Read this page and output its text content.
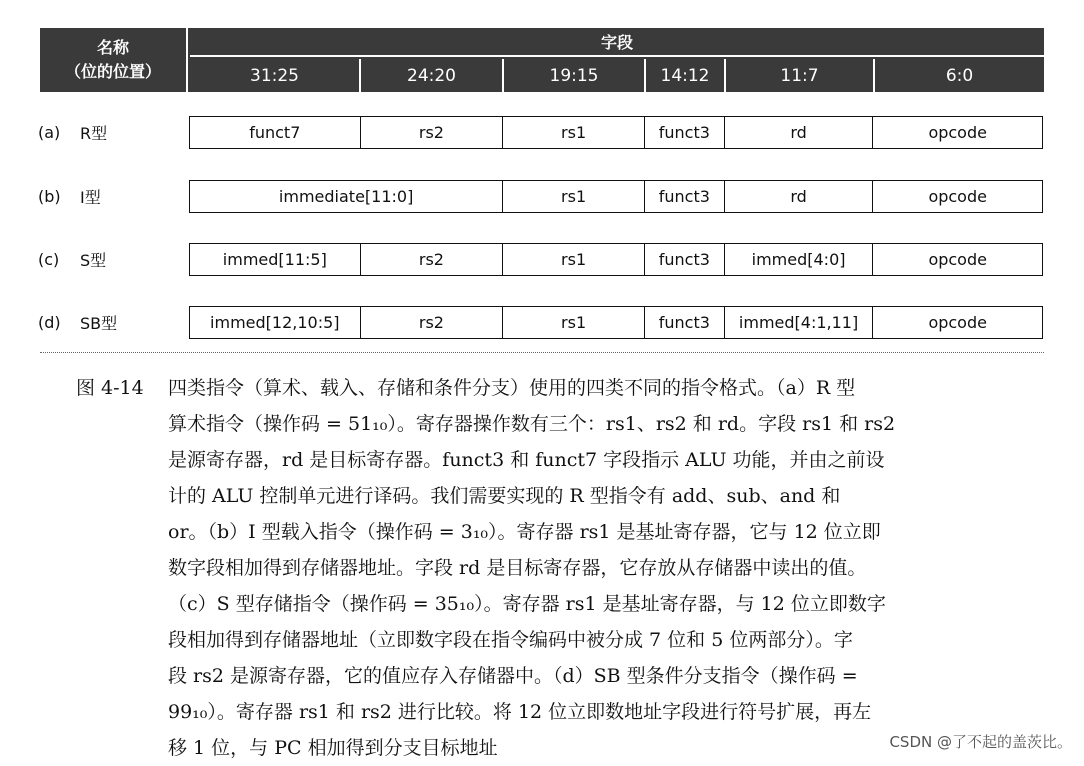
名称
（位的位置）
字段
31:25	24:20	19:15	14:12	11:7	6:0
(a)	R型	funct7	rs2	rs1	funct3	rd	opcode
(b)	I型	immediate[11:0]	rs1	funct3	rd	opcode
(c)	S型	immed[11:5]	rs2	rs1	funct3	immed[4:0]	opcode
(d)	SB型	immed[12,10:5]	rs2	rs1	funct3	immed[4:1,11]	opcode
图 4-14 四类指令（算术、载入、存储和条件分支）使用的四类不同的指令格式。（a）R 型
算术指令（操作码 = 51₁₀）。寄存器操作数有三个：rs1、rs2 和 rd。字段 rs1 和 rs2
是源寄存器，rd 是目标寄存器。funct3 和 funct7 字段指示 ALU 功能，并由之前设
计的 ALU 控制单元进行译码。我们需要实现的 R 型指令有 add、sub、and 和
or。（b）I 型载入指令（操作码 = 3₁₀）。寄存器 rs1 是基址寄存器，它与 12 位立即
数字段相加得到存储器地址。字段 rd 是目标寄存器，它存放从存储器中读出的值。
（c）S 型存储指令（操作码 = 35₁₀）。寄存器 rs1 是基址寄存器，与 12 位立即数字
段相加得到存储器地址（立即数字段在指令编码中被分成 7 位和 5 位两部分）。字
段 rs2 是源寄存器，它的值应存入存储器中。（d）SB 型条件分支指令（操作码 =
99₁₀）。寄存器 rs1 和 rs2 进行比较。将 12 位立即数地址字段进行符号扩展，再左
移 1 位，与 PC 相加得到分支目标地址	CSDN @了不起的盖茨比。
